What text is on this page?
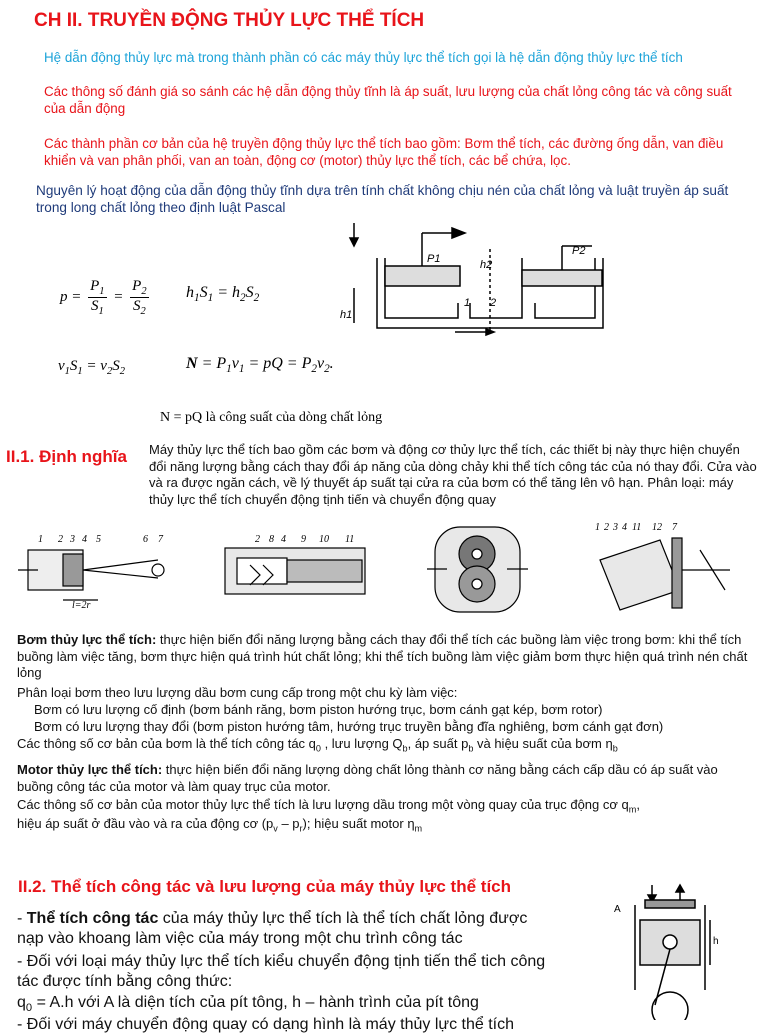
CH II. TRUYỀN ĐỘNG THỦY LỰC THỂ TÍCH
Hệ dẫn động thủy lực mà trong thành phần có các máy thủy lực thể tích gọi là hệ dẫn động thủy lực thể tích
Các thông số đánh giá so sánh các hệ dẫn động thủy tĩnh là áp suất, lưu lượng của chất lỏng công tác và công suất của dẫn động
Các thành phần cơ bản của hệ truyền động thủy lực thể tích bao gồm: Bơm thể tích, các đường ống dẫn, van điều khiển và van phân phối, van an toàn, động cơ (motor) thủy lực thể tích, các bể chứa, lọc.
Nguyên lý hoạt động của dẫn động thủy tĩnh dựa trên tính chất không chịu nén của chất lỏng và luật truyền áp suất trong long chất lỏng theo định luật Pascal
$p = \frac{P_1}{S_1} = \frac{P_2}{S_2} h_1S_1 = h_2S_2$
$v_1S_1 = v_2S_2$	$N = P_1v_1$ = pQ = $P_2v_2$.
N = pQ là công suất của dòng chất lỏng
P1
P2
h1
h2
1 2
II.1. Định nghĩa Máy thủy lực thể tích bao gồm các bơm và động cơ thủy lực thể tích, các thiết bị này thực hiện chuyển đổi năng lượng bằng cách thay đổi áp năng của dòng chảy khi thể tích công tác của nó thay đổi. Cửa vào và ra được ngăn cách, về lý thuyết áp suất tại cửa ra của bơm có thể tăng lên vô hạn. Phân loại: máy thủy lực thể tích chuyển động tịnh tiến và chuyển động quay
1 2 3 4 5	6 7
l=2r
2 8 4 9 10 11
1 2 3 4 11 12 7
Bơm thủy lực thể tích: thực hiện biến đổi năng lượng bằng cách thay đổi thể tích các buồng làm việc trong bơm: khi thể tích buồng làm việc tăng, bơm thực hiện quá trình hút chất lỏng; khi thể tích buồng làm việc giảm bơm thực hiện quá trình nén chất lỏng
Phân loại bơm theo lưu lượng dầu bơm cung cấp trong một chu kỳ làm việc:
Bơm có lưu lượng cố định (bơm bánh răng, bơm piston hướng trục, bơm cánh gạt kép, bơm rotor)
Bơm có lưu lượng thay đổi (bơm piston hướng tâm, hướng trục truyền bằng đĩa nghiêng, bơm cánh gạt đơn)
Các thông số cơ bản của bơm là thể tích công tác $q_0$ , lưu lượng $Q_b$, áp suất $p_b$ và hiệu suất của bơm $\eta_b$
Motor thủy lực thể tích: thực hiện biến đổi năng lượng dòng chất lỏng thành cơ năng bằng cách cấp dầu có áp suất vào buồng công tác của motor và làm quay trục của motor.
Các thông số cơ bản của motor thủy lực thể tích là lưu lượng dầu trong một vòng quay của trục động cơ $q_m$,
hiệu áp suất ở đầu vào và ra của động cơ $(p_v - p_r)$; hiệu suất motor $\eta_m$
II.2. Thể tích công tác và lưu lượng của máy thủy lực thể tích
- Thể tích công tác của máy thủy lực thể tích là thể tích chất lỏng được nạp vào khoang làm việc của máy trong một chu trình công tác
- Đối với loại máy thủy lực thể tích kiểu chuyển động tịnh tiến thể tich công tác được tính bằng công thức:
$q_0 = A.h$ với A là diện tích của pít tông, h – hành trình của pít tông
- Đối với máy chuyển động quay có dạng hình là máy thủy lực thể tích
A
h
